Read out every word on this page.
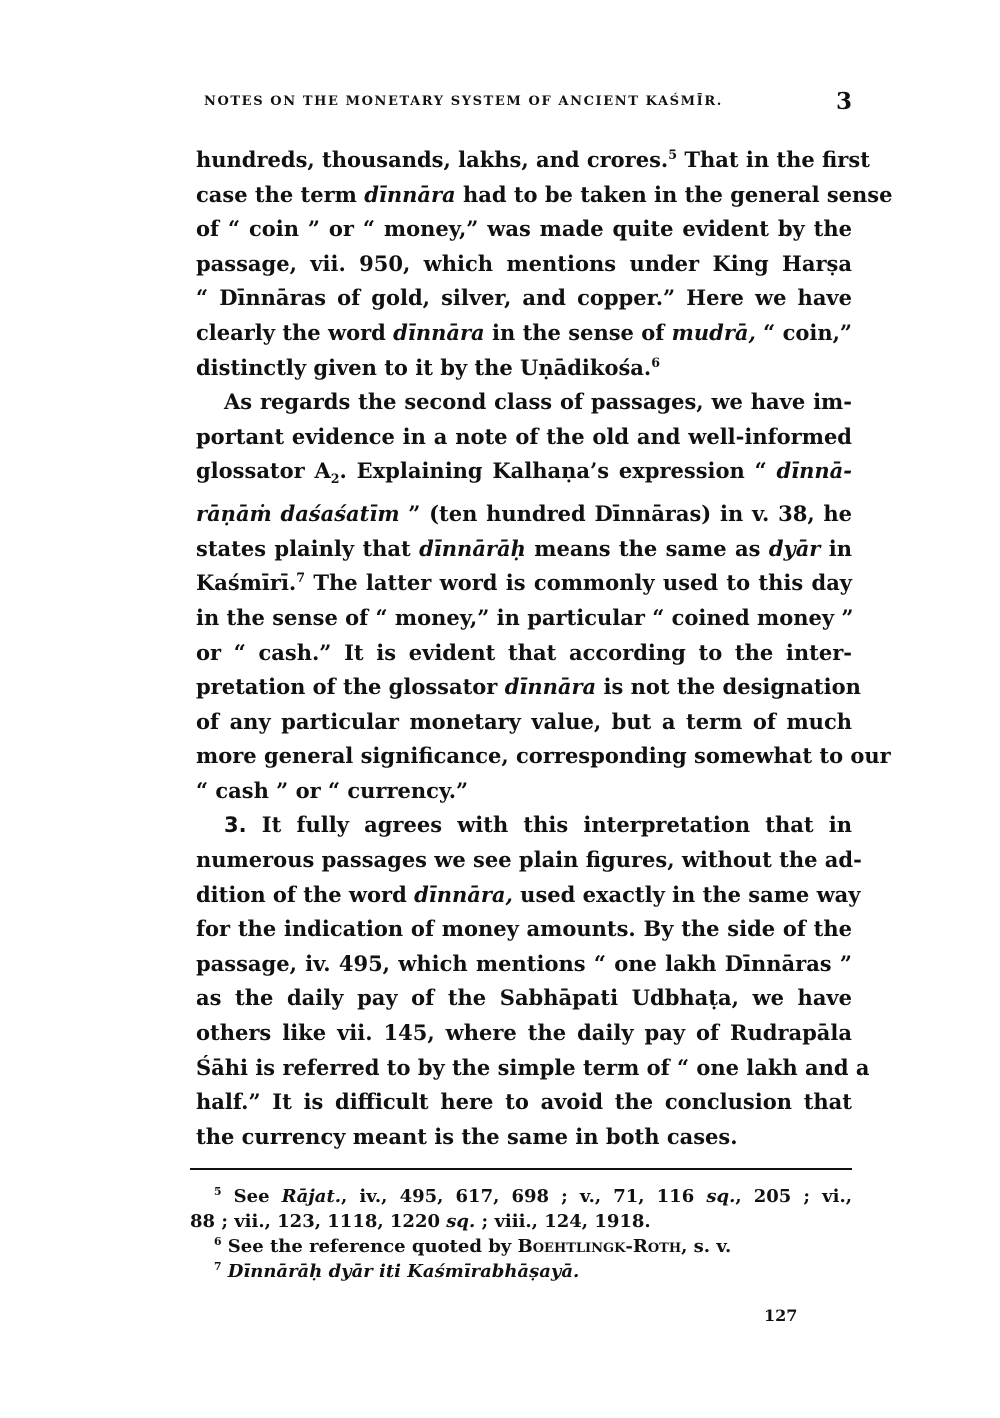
NOTES ON THE MONETARY SYSTEM OF ANCIENT KAŚMĪR.	3
hundreds, thousands, lakhs, and crores.$^5$ That in the first
case the term dīnnāra had to be taken in the general sense
of “ coin ” or “ money,” was made quite evident by the
passage, vii. 950, which mentions under King Harṣa
“ Dīnnāras of gold, silver, and copper.” Here we have
clearly the word dīnnāra in the sense of mudrā, “ coin,”
distinctly given to it by the Uṇādikośa.$^6$
As regards the second class of passages, we have im-
portant evidence in a note of the old and well-informed
glossator $A_2$. Explaining Kalhaṇa’s expression “ dīnnā-
rāṇāṁ daśaśatīm ” (ten hundred Dīnnāras) in v. 38, he
states plainly that dīnnārāḥ means the same as dyār in
Kaśmīrī.$^7$ The latter word is commonly used to this day
in the sense of “ money,” in particular “ coined money ”
or “ cash.” It is evident that according to the inter-
pretation of the glossator dīnnāra is not the designation
of any particular monetary value, but a term of much
more general significance, corresponding somewhat to our
“ cash ” or “ currency.”
3. It fully agrees with this interpretation that in
numerous passages we see plain figures, without the ad-
dition of the word dīnnāra, used exactly in the same way
for the indication of money amounts. By the side of the
passage, iv. 495, which mentions “ one lakh Dīnnāras ”
as the daily pay of the Sabhāpati Udbhaṭa, we have
others like vii. 145, where the daily pay of Rudrapāla
Śāhi is referred to by the simple term of “ one lakh and a
half.” It is difficult here to avoid the conclusion that
the currency meant is the same in both cases.
$^5$ See Rājat., iv., 495, 617, 698 ; v., 71, 116 sq., 205 ; vi.,
88 ; vii., 123, 1118, 1220 sq. ; viii., 124, 1918.
$^6$ See the reference quoted by Boehtlingk-Roth, s. v.
$^7$ Dīnnārāḥ dyār iti Kaśmīrabhāṣayā.
127
